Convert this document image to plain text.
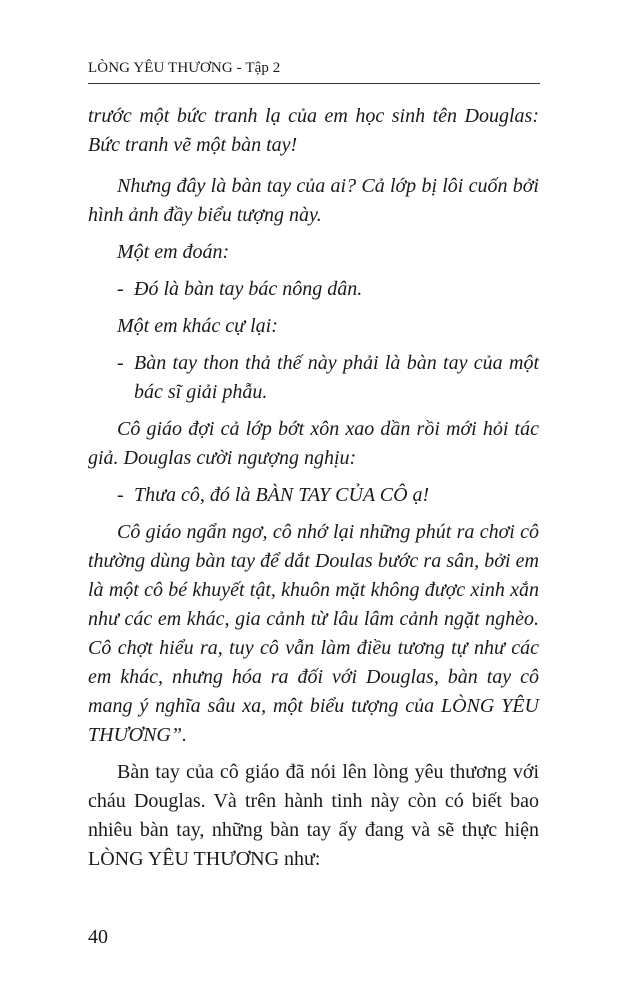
LÒNG YÊU THƯƠNG - Tập 2

trước một bức tranh lạ của em học sinh tên Douglas: Bức tranh vẽ một bàn tay!

Nhưng đây là bàn tay của ai? Cả lớp bị lôi cuốn bởi hình ảnh đầy biểu tượng này.

Một em đoán:

- Đó là bàn tay bác nông dân.

Một em khác cự lại:

- Bàn tay thon thả thế này phải là bàn tay của một bác sĩ giải phẫu.

Cô giáo đợi cả lớp bớt xôn xao dần rồi mới hỏi tác giả. Douglas cười ngượng nghịu:

- Thưa cô, đó là BÀN TAY CỦA CÔ ạ!

Cô giáo ngẩn ngơ, cô nhớ lại những phút ra chơi cô thường dùng bàn tay để dắt Doulas bước ra sân, bởi em là một cô bé khuyết tật, khuôn mặt không được xinh xắn như các em khác, gia cảnh từ lâu lâm cảnh ngặt nghèo. Cô chợt hiểu ra, tuy cô vẫn làm điều tương tự như các em khác, nhưng hóa ra đối với Douglas, bàn tay cô mang ý nghĩa sâu xa, một biểu tượng của LÒNG YÊU THƯƠNG”.

Bàn tay của cô giáo đã nói lên lòng yêu thương với cháu Douglas. Và trên hành tinh này còn có biết bao nhiêu bàn tay, những bàn tay ấy đang và sẽ thực hiện LÒNG YÊU THƯƠNG như:

40
